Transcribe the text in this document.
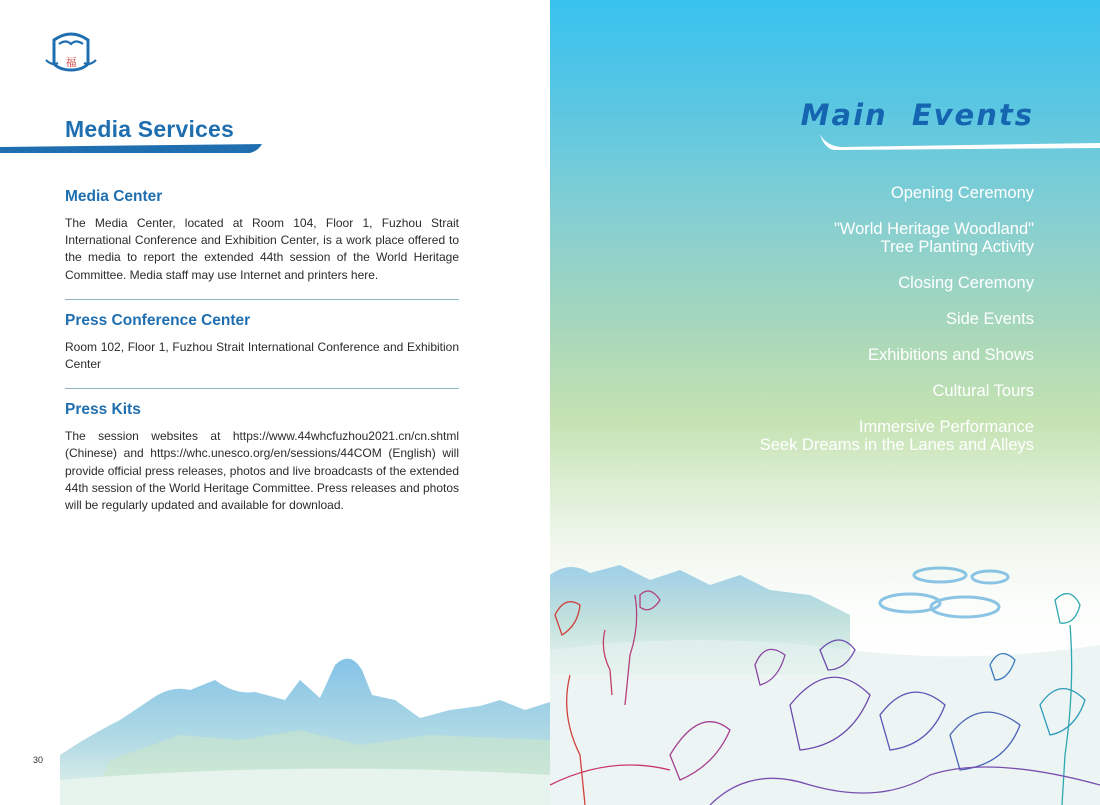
福
Media Services
Media Center

The Media Center, located at Room 104, Floor 1, Fuzhou Strait International Conference and Exhibition Center, is a work place offered to the media to report the extended 44th session of the World Heritage Committee. Media staff may use Internet and printers here.

Press Conference Center

Room 102, Floor 1, Fuzhou Strait International Conference and Exhibition Center

Press Kits

The session websites at https://www.44whcfuzhou2021.cn/cn.shtml (Chinese) and https://whc.unesco.org/en/sessions/44COM (English) will provide official press releases, photos and live broadcasts of the extended 44th session of the World Heritage Committee. Press releases and photos will be regularly updated and available for download.

30
Main  Events
Opening Ceremony
"World Heritage Woodland"
Tree Planting Activity
Closing Ceremony
Side Events
Exhibitions and Shows
Cultural Tours
Immersive Performance
Seek Dreams in the Lanes and Alleys
